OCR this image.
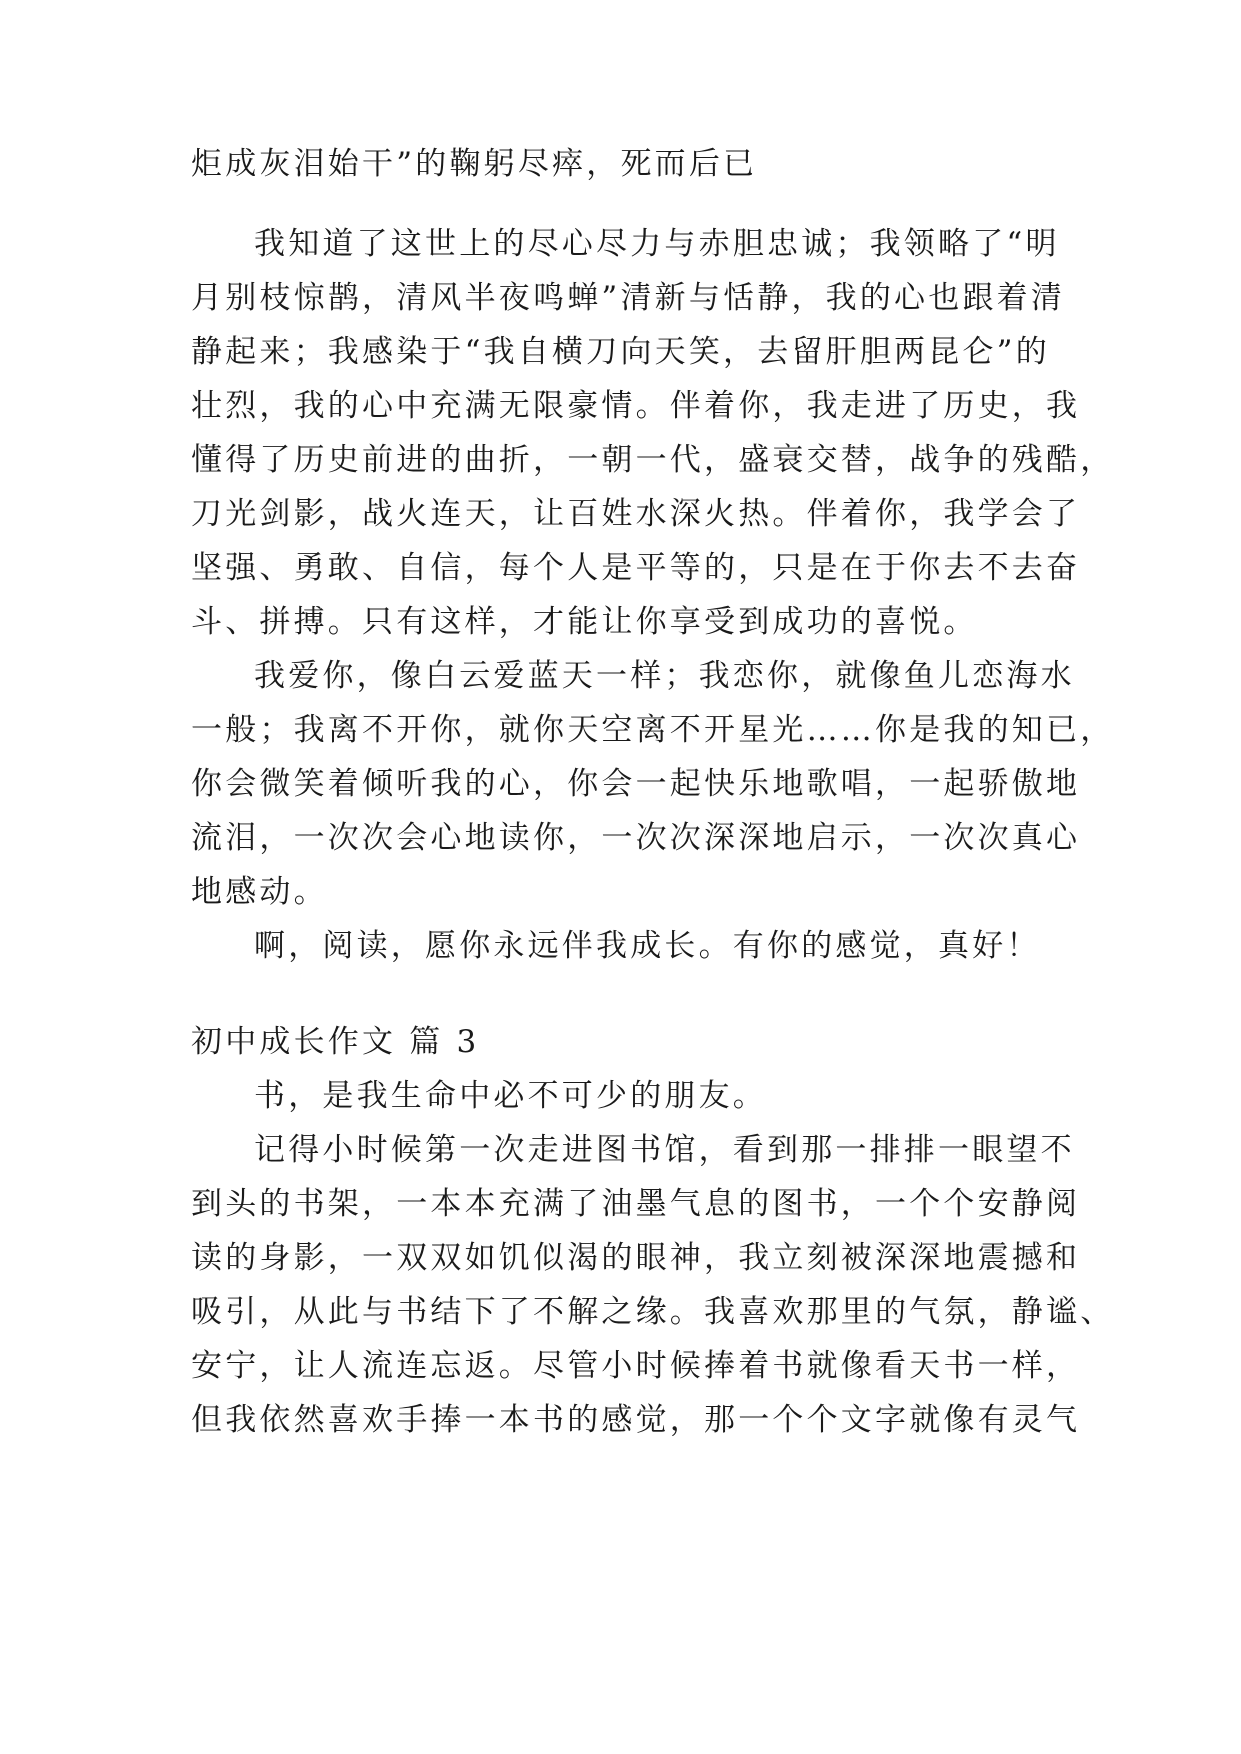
炬成灰泪始干”的鞠躬尽瘁，死而后已
我知道了这世上的尽心尽力与赤胆忠诚；我领略了“明
月别枝惊鹊，清风半夜鸣蝉”清新与恬静，我的心也跟着清
静起来；我感染于“我自横刀向天笑，去留肝胆两昆仑”的
壮烈，我的心中充满无限豪情。伴着你，我走进了历史，我
懂得了历史前进的曲折，一朝一代，盛衰交替，战争的残酷，
刀光剑影，战火连天，让百姓水深火热。伴着你，我学会了
坚强、勇敢、自信，每个人是平等的，只是在于你去不去奋
斗、拼搏。只有这样，才能让你享受到成功的喜悦。
我爱你，像白云爱蓝天一样；我恋你，就像鱼儿恋海水
一般；我离不开你，就你天空离不开星光……你是我的知已，
你会微笑着倾听我的心，你会一起快乐地歌唱，一起骄傲地
流泪，一次次会心地读你，一次次深深地启示，一次次真心
地感动。
啊，阅读，愿你永远伴我成长。有你的感觉，真好！
初中成长作文 篇 3
书，是我生命中必不可少的朋友。
记得小时候第一次走进图书馆，看到那一排排一眼望不
到头的书架，一本本充满了油墨气息的图书，一个个安静阅
读的身影，一双双如饥似渴的眼神，我立刻被深深地震撼和
吸引，从此与书结下了不解之缘。我喜欢那里的气氛，静谧、
安宁，让人流连忘返。尽管小时候捧着书就像看天书一样，
但我依然喜欢手捧一本书的感觉，那一个个文字就像有灵气
